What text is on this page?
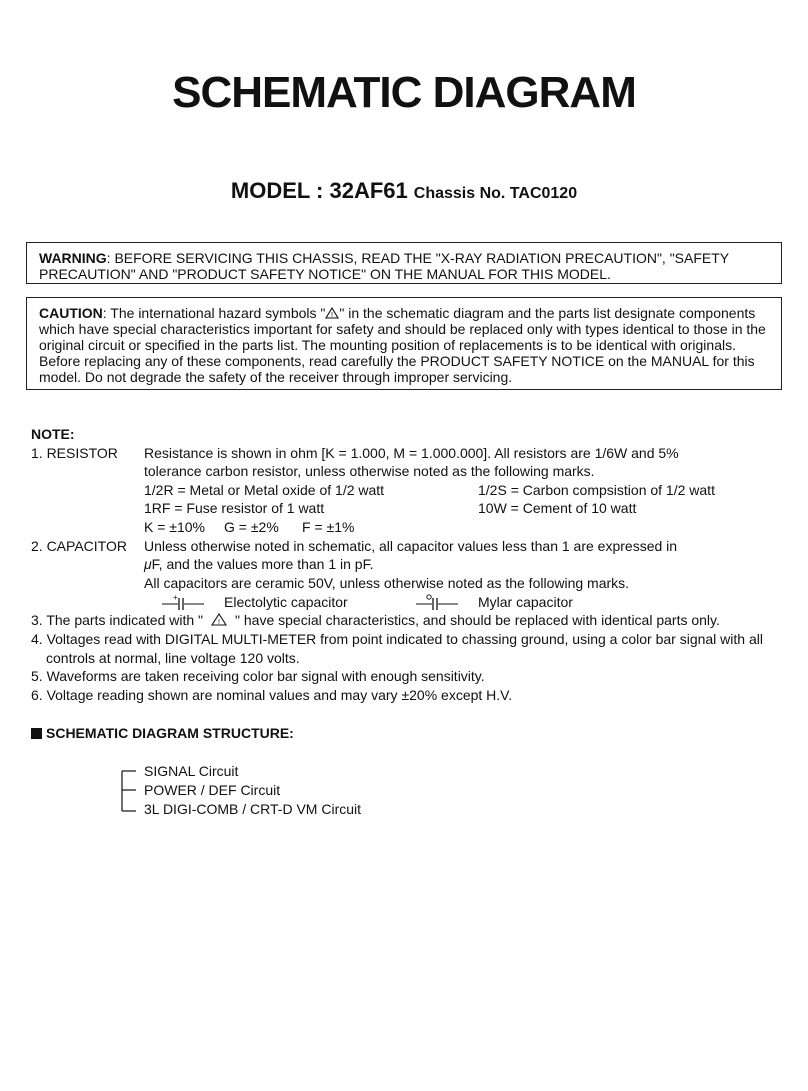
SCHEMATIC DIAGRAM
MODEL : 32AF61 Chassis No. TAC0120
WARNING: BEFORE SERVICING THIS CHASSIS, READ THE "X-RAY RADIATION PRECAUTION", "SAFETY
PRECAUTION" AND "PRODUCT SAFETY NOTICE" ON THE MANUAL FOR THIS MODEL.
CAUTION: The international hazard symbols " ! " in the schematic diagram and the parts list designate components
which have special characteristics important for safety and should be replaced only with types identical to those in the
original circuit or specified in the parts list. The mounting position of replacements is to be identical with originals.
Before replacing any of these components, read carefully the PRODUCT SAFETY NOTICE on the MANUAL for this
model. Do not degrade the safety of the receiver through improper servicing.
NOTE:
1. RESISTOR Resistance is shown in ohm [K = 1.000, M = 1.000.000]. All resistors are 1/6W and 5%
tolerance carbon resistor, unless otherwise noted as the following marks.
1/2R = Metal or Metal oxide of 1/2 watt	1/2S = Carbon compsistion of 1/2 watt
1RF = Fuse resistor of 1 watt	10W = Cement of 10 watt
K = ±10% G = ±2% F = ±1%
2. CAPACITOR Unless otherwise noted in schematic, all capacitor values less than 1 are expressed in
μF, and the values more than 1 in pF.
All capacitors are ceramic 50V, unless otherwise noted as the following marks.
+	Electolytic capacitor	Mylar capacitor
3. The parts indicated with " ! " have special characteristics, and should be replaced with identical parts only.
4. Voltages read with DIGITAL MULTI-METER from point indicated to chassing ground, using a color bar signal with all
controls at normal, line voltage 120 volts.
5. Waveforms are taken receiving color bar signal with enough sensitivity.
6. Voltage reading shown are nominal values and may vary ±20% except H.V.
SCHEMATIC DIAGRAM STRUCTURE:
SIGNAL Circuit
POWER / DEF Circuit
3L DIGI-COMB / CRT-D VM Circuit
